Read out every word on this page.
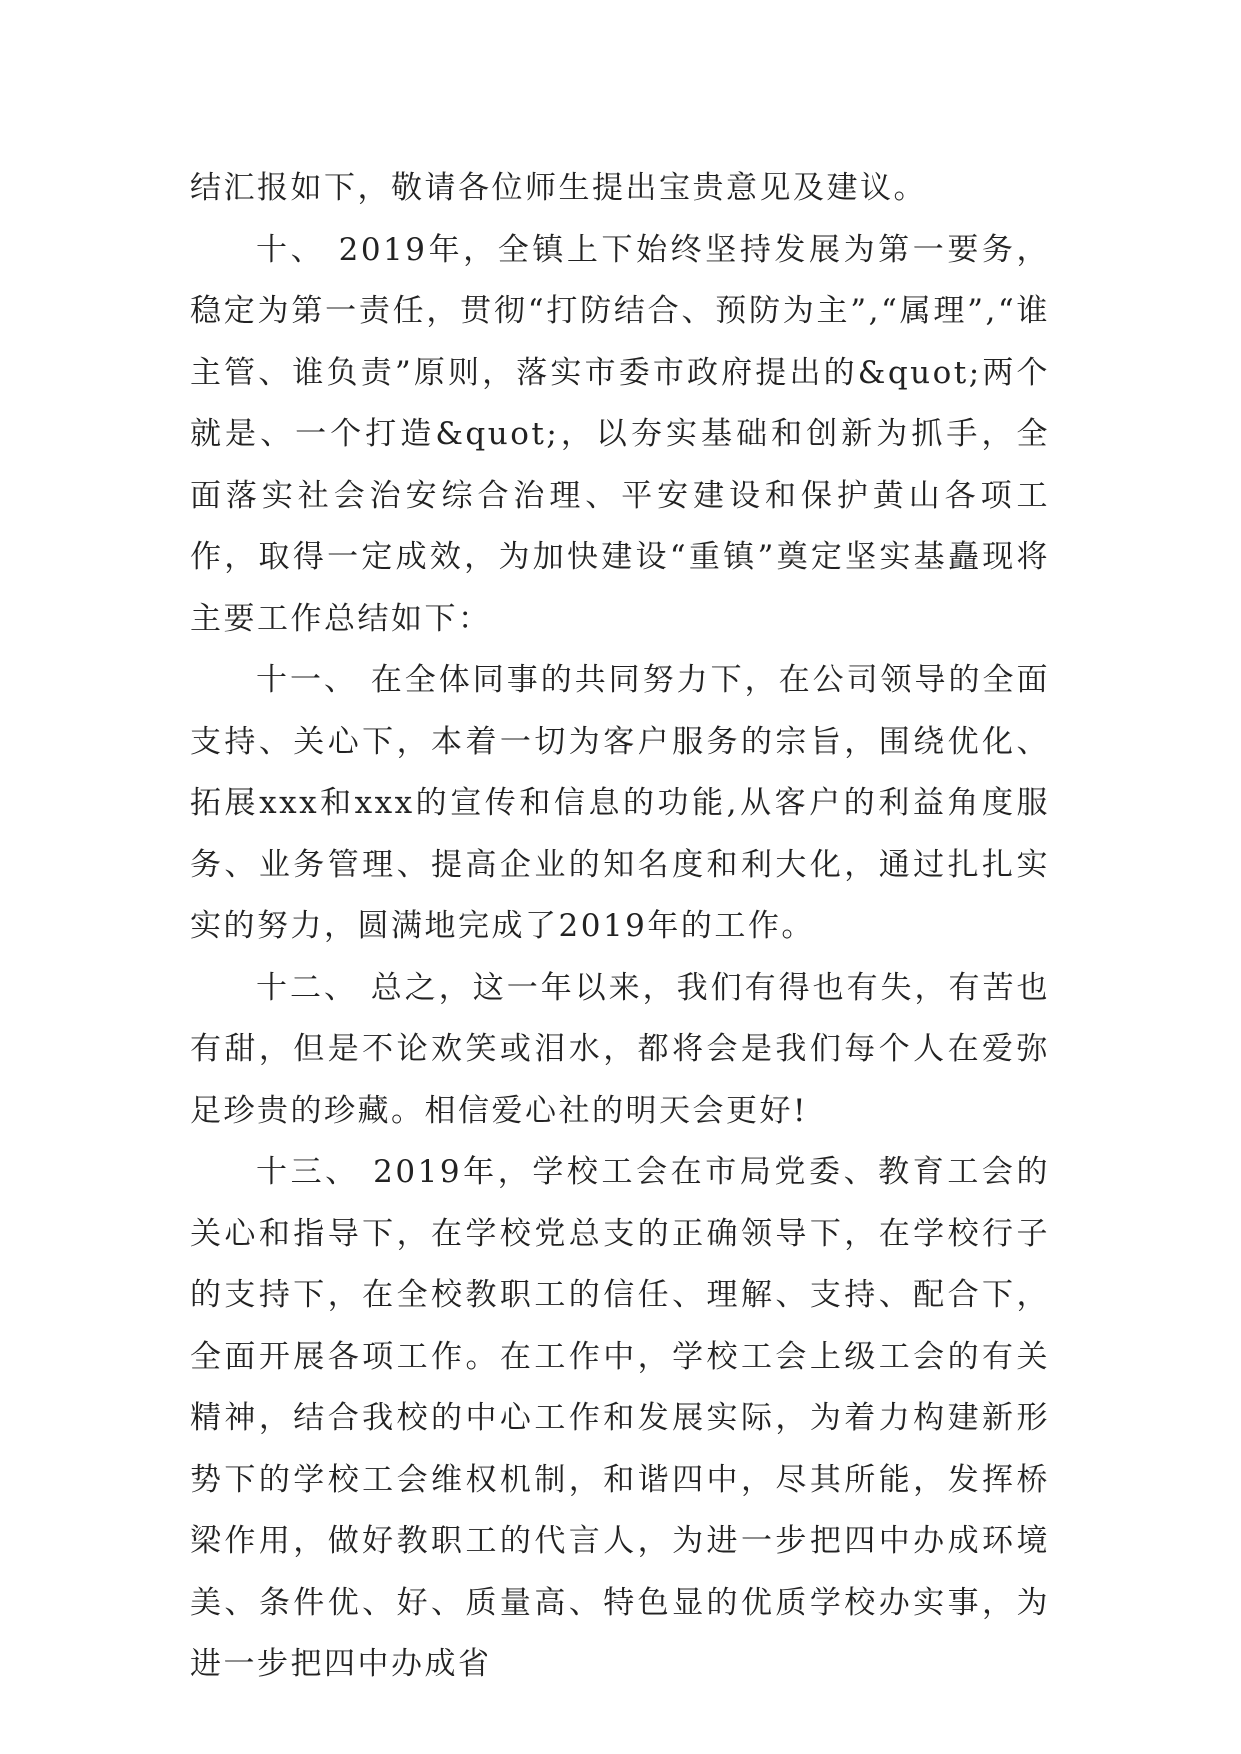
结汇报如下，敬请各位师生提出宝贵意见及建议。

十、 2019年，全镇上下始终坚持发展为第一要务，稳定为第一责任，贯彻“打防结合、预防为主”,“属理”,“谁主管、谁负责”原则，落实市委市政府提出的&quot;两个就是、一个打造&quot;，以夯实基础和创新为抓手，全面落实社会治安综合治理、平安建设和保护黄山各项工作，取得一定成效，为加快建设“重镇”奠定坚实基矗现将主要工作总结如下：

十一、 在全体同事的共同努力下，在公司领导的全面支持、关心下，本着一切为客户服务的宗旨，围绕优化、拓展xxx和xxx的宣传和信息的功能,从客户的利益角度服务、业务管理、提高企业的知名度和利大化，通过扎扎实实的努力，圆满地完成了2019年的工作。

十二、 总之，这一年以来，我们有得也有失，有苦也有甜，但是不论欢笑或泪水，都将会是我们每个人在爱弥足珍贵的珍藏。相信爱心社的明天会更好!

十三、 2019年，学校工会在市局党委、教育工会的关心和指导下，在学校党总支的正确领导下，在学校行子的支持下，在全校教职工的信任、理解、支持、配合下，全面开展各项工作。在工作中，学校工会上级工会的有关精神，结合我校的中心工作和发展实际，为着力构建新形势下的学校工会维权机制，和谐四中，尽其所能，发挥桥梁作用，做好教职工的代言人，为进一步把四中办成环境美、条件优、好、质量高、特色显的优质学校办实事，为进一步把四中办成省
